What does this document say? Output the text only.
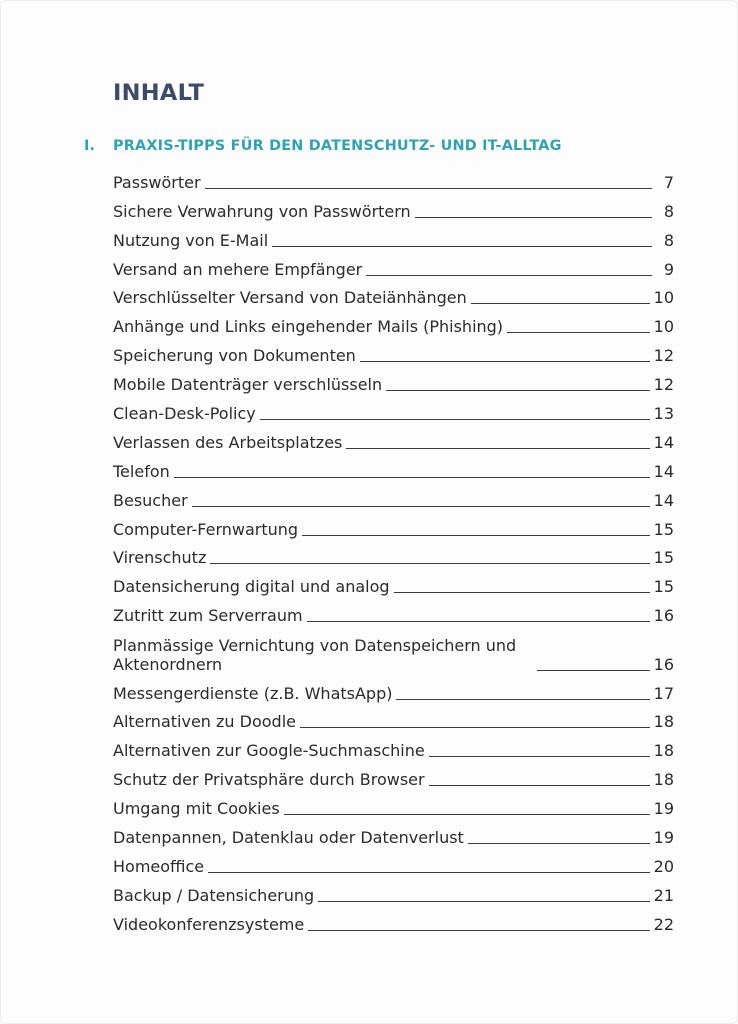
INHALT
I. PRAXIS-TIPPS FÜR DEN DATENSCHUTZ- UND IT-ALLTAG
Passwörter	7
Sichere Verwahrung von Passwörtern	8
Nutzung von E-Mail	8
Versand an mehere Empfänger	9
Verschlüsselter Versand von Dateiänhängen	10
Anhänge und Links eingehender Mails (Phishing)	10
Speicherung von Dokumenten	12
Mobile Datenträger verschlüsseln	12
Clean-Desk-Policy	13
Verlassen des Arbeitsplatzes	14
Telefon	14
Besucher	14
Computer-Fernwartung	15
Virenschutz	15
Datensicherung digital und analog	15
Zutritt zum Serverraum	16
Planmässige Vernichtung von Datenspeichern und Aktenordnern	16
Messengerdienste (z.B. WhatsApp)	17
Alternativen zu Doodle	18
Alternativen zur Google-Suchmaschine	18
Schutz der Privatsphäre durch Browser	18
Umgang mit Cookies	19
Datenpannen, Datenklau oder Datenverlust	19
Homeoffice	20
Backup / Datensicherung	21
Videokonferenzsysteme	22
